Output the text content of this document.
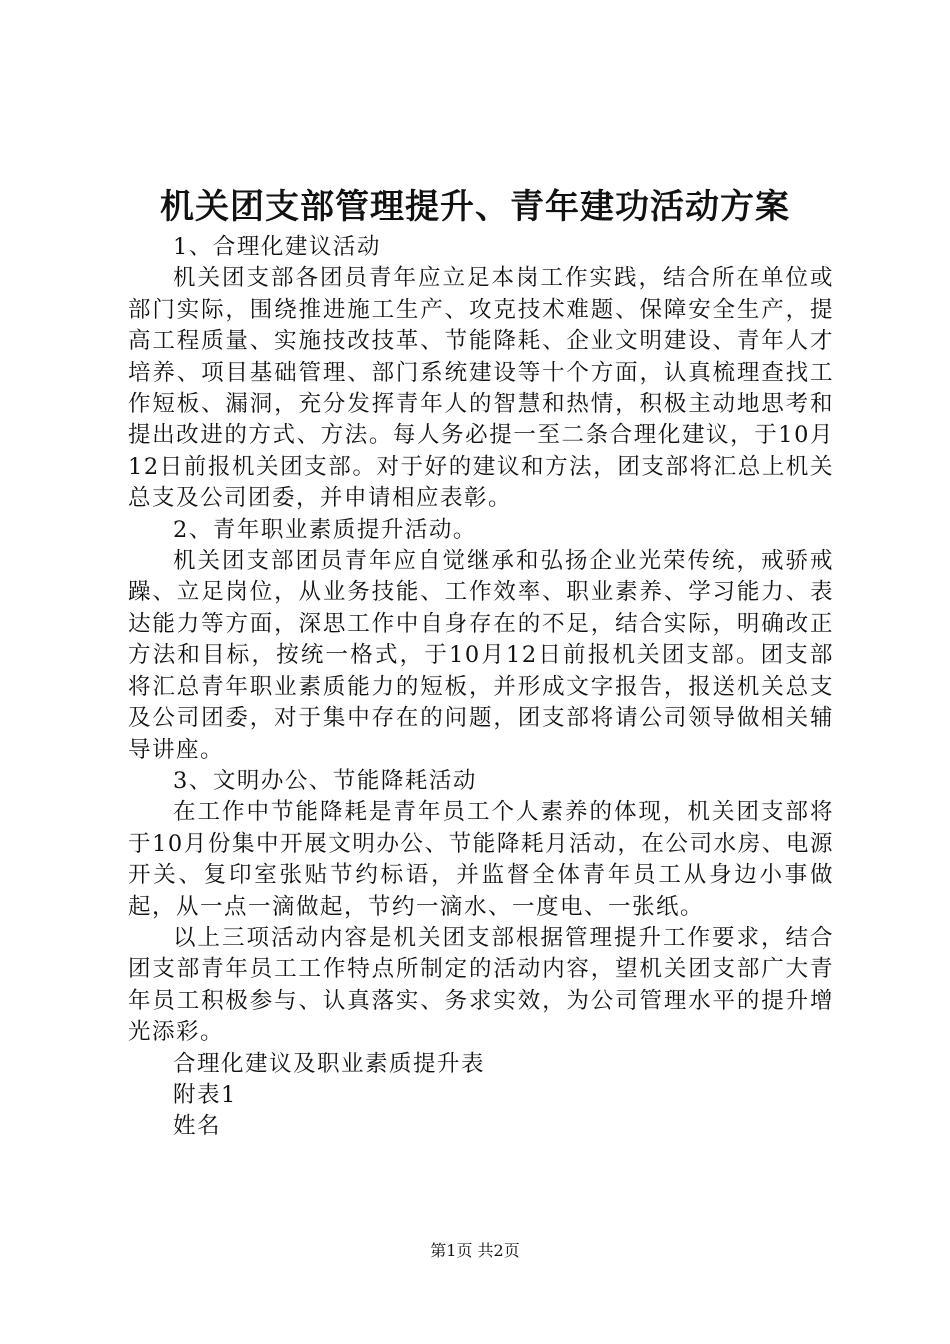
机关团支部管理提升、青年建功活动方案

1、合理化建议活动

机关团支部各团员青年应立足本岗工作实践，结合所在单位或部门实际，围绕推进施工生产、攻克技术难题、保障安全生产，提高工程质量、实施技改技革、节能降耗、企业文明建设、青年人才培养、项目基础管理、部门系统建设等十个方面，认真梳理查找工作短板、漏洞，充分发挥青年人的智慧和热情，积极主动地思考和提出改进的方式、方法。每人务必提一至二条合理化建议，于10月12日前报机关团支部。对于好的建议和方法，团支部将汇总上机关总支及公司团委，并申请相应表彰。

2、青年职业素质提升活动。

机关团支部团员青年应自觉继承和弘扬企业光荣传统，戒骄戒躁、立足岗位，从业务技能、工作效率、职业素养、学习能力、表达能力等方面，深思工作中自身存在的不足，结合实际，明确改正方法和目标，按统一格式，于10月12日前报机关团支部。团支部将汇总青年职业素质能力的短板，并形成文字报告，报送机关总支及公司团委，对于集中存在的问题，团支部将请公司领导做相关辅导讲座。

3、文明办公、节能降耗活动

在工作中节能降耗是青年员工个人素养的体现，机关团支部将于10月份集中开展文明办公、节能降耗月活动，在公司水房、电源开关、复印室张贴节约标语，并监督全体青年员工从身边小事做起，从一点一滴做起，节约一滴水、一度电、一张纸。

以上三项活动内容是机关团支部根据管理提升工作要求，结合团支部青年员工工作特点所制定的活动内容，望机关团支部广大青年员工积极参与、认真落实、务求实效，为公司管理水平的提升增光添彩。

合理化建议及职业素质提升表

附表1

姓名

第1页 共2页
